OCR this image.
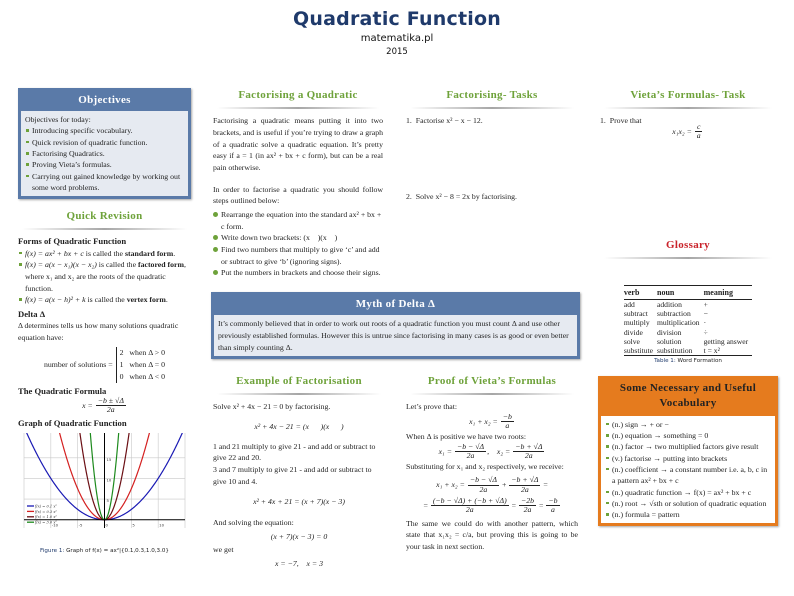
Quadratic Function
matematika.pl
2015
Objectives
Objectives for today:
Introducing specific vocabulary.
Quick revision of quadratic function.
Factorising Quadratics.
Proving Vieta’s formulas.
Carrying out gained knowledge by working out some word problems.
Quick Revision
Forms of Quadratic Function
f(x) = ax² + bx + c is called the standard form.
f(x) = a(x − x₁)(x − x₂) is called the factored form, where x₁ and x₂ are the roots of the quadratic function.
f(x) = a(x − h)² + k is called the vertex form.
Delta Δ
Δ determines tells us how many solutions quadratic equation have:
number of solutions =
2   when Δ > 0
1   when Δ = 0
0   when Δ < 0
The Quadratic Formula
$x = \frac{-b \pm √\Delta}{2a}$
Graph of Quadratic Function
-10	-5	0	5	10
5
10
15
f(x) = 0.1 x²
f(x) = 0.3 x²
f(x) = 1.0 x²
f(x) = 3.0 x²
Figure 1: Graph of f(x) = ax²|{0.1,0.3,1.0,3.0}
Factorising a Quadratic
Factorising a quadratic means putting it into two brackets, and is useful if you’re trying to draw a graph of a quadratic solve a quadratic equation. It’s pretty easy if a = 1 (in ax² + bx + c form), but can be a real pain otherwise.
In order to factorise a quadratic you should follow steps outlined below:
Rearrange the equation into the standard ax² + bx + c form.
Write down two brackets: (x    )(x    )
Find two numbers that multiply to give ‘c’ and add or subtract to give ‘b’ (ignoring signs).
Put the numbers in brackets and choose their signs.
Myth of Delta Δ
It’s commonly believed that in order to work out roots of a quadratic function you must count Δ and use other previously established formulas. However this is untrue since factorising in many cases is as good or even better than simply counting Δ.
Example of Factorisation
Solve x² + 4x − 21 = 0 by factorising.
x² + 4x − 21 = (x      )(x      )
1 and 21 multiply to give 21 - and add or subtract to give 22 and 20.
3 and 7 multiply to give 21 - and add or subtract to give 10 and 4.
x² + 4x + 21 = (x + 7)(x − 3)
And solving the equation:
(x + 7)(x − 3) = 0
we get
x = −7,    x = 3
Factorising- Tasks
1.  Factorise x² − x − 12.
2.  Solve x² − 8 = 2x by factorising.
Proof of Vieta’s Formulas
Let’s prove that:
$x_1 + x_2 = \frac{-b}{a}$
When Δ is positive we have two roots:
$x_1 = \frac{-b - √\Delta}{2a}$ ,    $x_2 = \frac{-b + √\Delta}{2a}$
Substituting for x₁ and x₂ respectively, we receive:
$x_1 + x_2 = \frac{-b - √\Delta}{2a} + \frac{-b + √\Delta}{2a}$ =
= $\frac{(-b - √\Delta) + (-b + √\Delta)}{2a} = \frac{-2b}{2a} = \frac{-b}{a}$
The same we could do with another pattern, which state that x₁x₂ = c/a, but proving this is going to be your task in next section.
Vieta’s Formulas- Task
1.  Prove that
$x_1x_2 = \frac{c}{a}$
Glossary
verb	noun	meaning
add	addition	+
subtract	subtraction	−
multiply	multiplication	·
divide	division	÷
solve	solution	getting answer
substitute	substitution	t = x²
Table 1: Word Formation
Some Necessary and Useful Vocabulary
(n.) sign → + or −
(n.) equation → something = 0
(n.) factor → two multiplied factors give result
(v.) factorise → putting into brackets
(n.) coefficient → a constant number i.e. a, b, c in a pattern ax² + bx + c
(n.) quadratic function → f(x) = ax² + bx + c
(n.) root → √sth or solution of quadratic equation
(n.) formula = pattern
